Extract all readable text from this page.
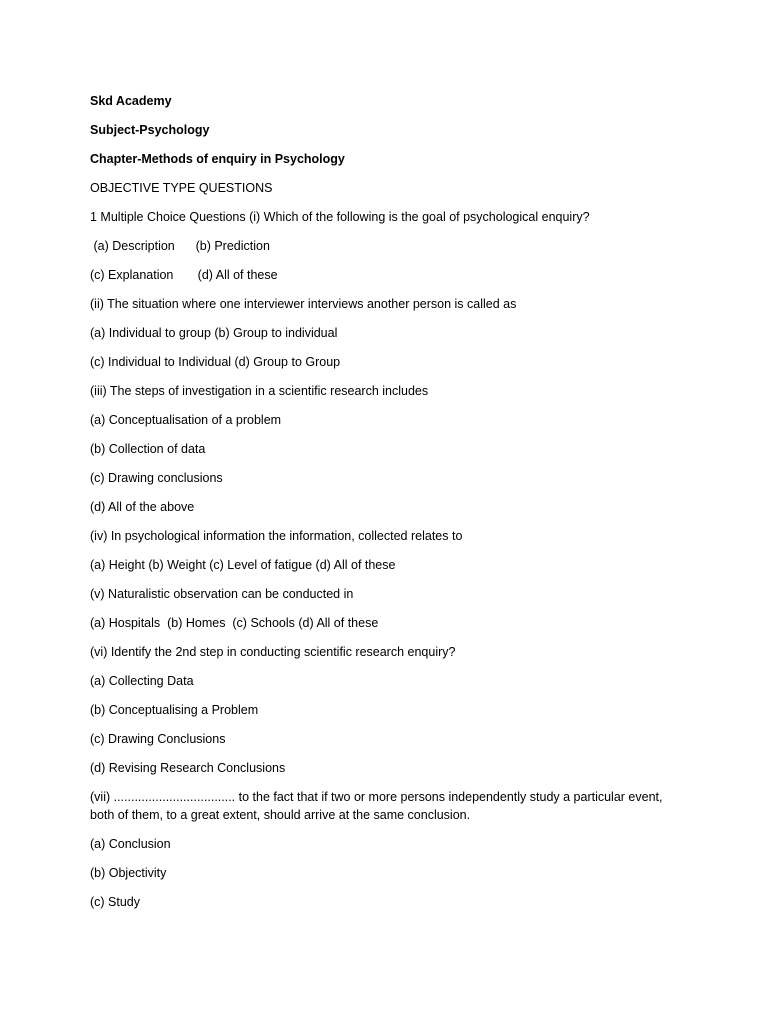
Skd Academy
Subject-Psychology
Chapter-Methods of enquiry in Psychology
OBJECTIVE TYPE QUESTIONS
1 Multiple Choice Questions (i) Which of the following is the goal of psychological enquiry?
(a) Description      (b) Prediction
(c) Explanation       (d) All of these
(ii) The situation where one interviewer interviews another person is called as
(a) Individual to group (b) Group to individual
(c) Individual to Individual (d) Group to Group
(iii) The steps of investigation in a scientific research includes
(a) Conceptualisation of a problem
(b) Collection of data
(c) Drawing conclusions
(d) All of the above
(iv) In psychological information the information, collected relates to
(a) Height (b) Weight (c) Level of fatigue (d) All of these
(v) Naturalistic observation can be conducted in
(a) Hospitals  (b) Homes  (c) Schools (d) All of these
(vi) Identify the 2nd step in conducting scientific research enquiry?
(a) Collecting Data
(b) Conceptualising a Problem
(c) Drawing Conclusions
(d) Revising Research Conclusions
(vii) ................................... to the fact that if two or more persons independently study a particular event, both of them, to a great extent, should arrive at the same conclusion.
(a) Conclusion
(b) Objectivity
(c) Study
